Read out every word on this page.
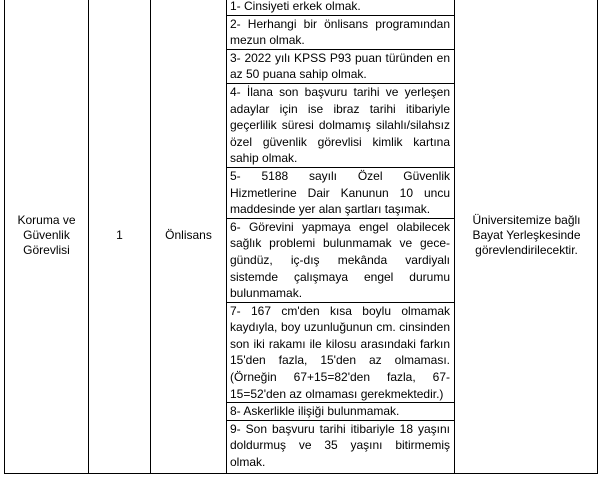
Koruma ve Güvenlik Görevlisi
1	Önlisans
1- Cinsiyeti erkek olmak.
2- Herhangi bir önlisans programından mezun olmak.
3- 2022 yılı KPSS P93 puan türünden en az 50 puana sahip olmak.
4- İlana son başvuru tarihi ve yerleşen adaylar için ise ibraz tarihi itibariyle geçerlilik süresi dolmamış silahlı/silahsız özel güvenlik görevlisi kimlik kartına sahip olmak.
5- 5188 sayılı Özel Güvenlik Hizmetlerine Dair Kanunun 10 uncu maddesinde yer alan şartları taşımak.
6- Görevini yapmaya engel olabilecek sağlık problemi bulunmamak ve gece-gündüz, iç-dış mekânda vardiyalı sistemde çalışmaya engel durumu bulunmamak.
7- 167 cm'den kısa boylu olmamak kaydıyla, boy uzunluğunun cm. cinsinden son iki rakamı ile kilosu arasındaki farkın 15'den fazla, 15'den az olmaması. (Örneğin 67+15=82'den fazla, 67-15=52'den az olmaması gerekmektedir.)
8- Askerlikle ilişiği bulunmamak.
9- Son başvuru tarihi itibariyle 18 yaşını doldurmuş ve 35 yaşını bitirmemiş olmak.
Üniversitemize bağlı Bayat Yerleşkesinde görevlendirilecektir.
